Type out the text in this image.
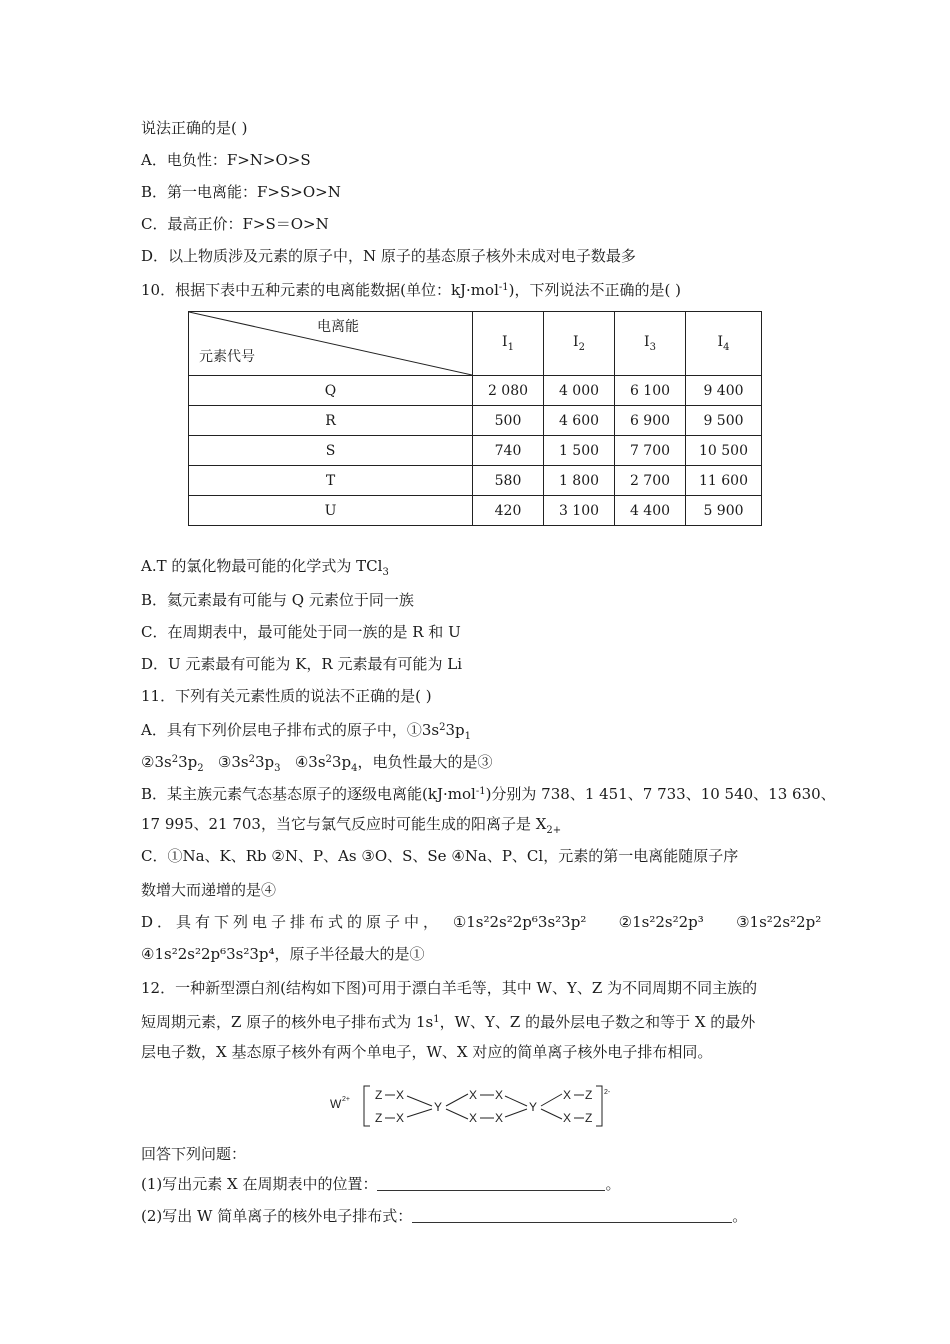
说法正确的是( )
A．电负性：F>N>O>S
B．第一电离能：F>S>O>N
C．最高正价：F>S＝O>N
D．以上物质涉及元素的原子中，N 原子的基态原子核外未成对电子数最多
10．根据下表中五种元素的电离能数据(单位：kJ·mol$^{-1}$)，下列说法不正确的是( )
电离能
元素代号	$I_1$	$I_2$	$I_3$	$I_4$
Q	2 080	4 000	6 100	9 400
R	500	4 600	6 900	9 500
S	740	1 500	7 700	10 500
T	580	1 800	2 700	11 600
U	420	3 100	4 400	5 900
A.T 的氯化物最可能的化学式为 TCl$_3$
B．氦元素最有可能与 Q 元素位于同一族
C．在周期表中，最可能处于同一族的是 R 和 U
D．U 元素最有可能为 K，R 元素最有可能为 Li
11．下列有关元素性质的说法不正确的是( )
A．具有下列价层电子排布式的原子中，$①3s^23p_1$
$②3s^23p_2$ $③3s^23p_3$ $④3s^23p_4$，电负性最大的是③
B．某主族元素气态基态原子的逐级电离能(kJ·mol$^{-1}$)分别为 738、1 451、7 733、10 540、13 630、
17 995、21 703，当它与氯气反应时可能生成的阳离子是 $X_{2+}$
C．①Na、K、Rb ②N、P、As ③O、S、Se ④Na、P、Cl，元素的第一电离能随原子序
数增大而递增的是④
D．具有下列电子排布式的原子中， ①1s²2s²2p⁶3s²3p² ②1s²2s²2p³ ③1s²2s²2p²
④1s²2s²2p⁶3s²3p⁴，原子半径最大的是①
12．一种新型漂白剂(结构如下图)可用于漂白羊毛等，其中 W、Y、Z 为不同周期不同主族的
短周期元素，Z 原子的核外电子排布式为 $1s^1$，W、Y、Z 的最外层电子数之和等于 X 的最外
层电子数，X 基态原子核外有两个单电子，W、X 对应的简单离子核外电子排布相同。
W 2+ Z X
Z X
Y
X X
X X
Y
X Z
X Z
2-
回答下列问题：
(1)写出元素 X 在周期表中的位置：	。
(2)写出 W 简单离子的核外电子排布式：	。
